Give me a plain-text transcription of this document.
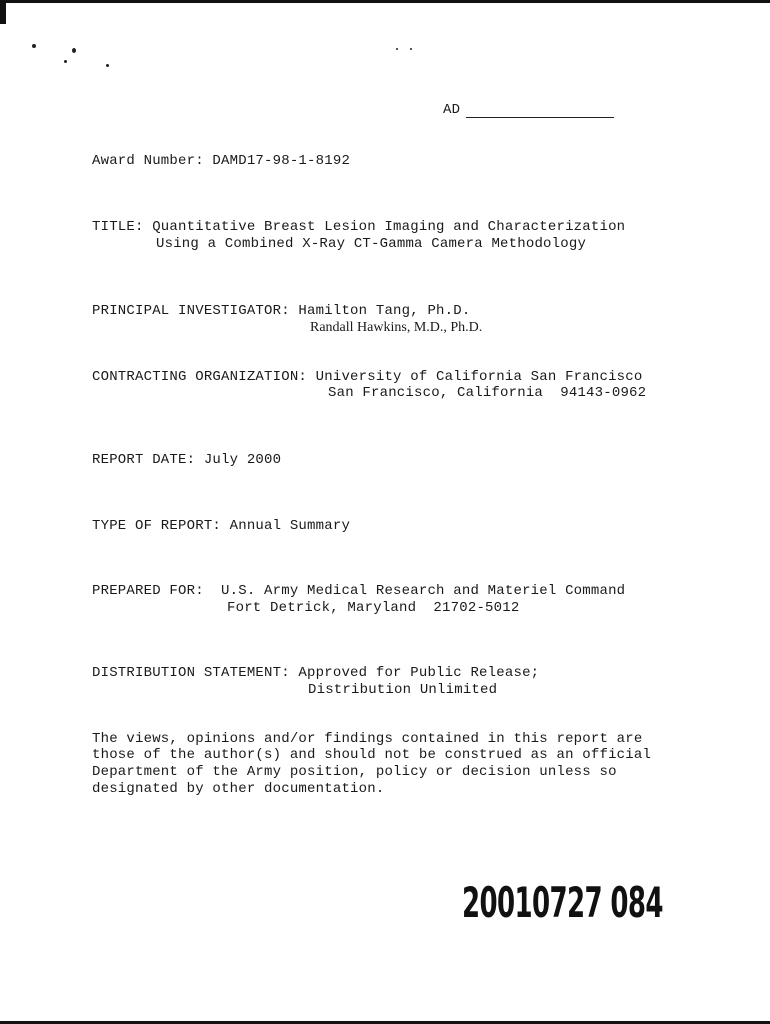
AD
Award Number: DAMD17-98-1-8192
TITLE: Quantitative Breast Lesion Imaging and Characterization
Using a Combined X-Ray CT-Gamma Camera Methodology
PRINCIPAL INVESTIGATOR: Hamilton Tang, Ph.D.
Randall Hawkins, M.D., Ph.D.
CONTRACTING ORGANIZATION: University of California San Francisco
San Francisco, California  94143-0962
REPORT DATE: July 2000
TYPE OF REPORT: Annual Summary
PREPARED FOR:  U.S. Army Medical Research and Materiel Command
Fort Detrick, Maryland  21702-5012
DISTRIBUTION STATEMENT: Approved for Public Release;
Distribution Unlimited
The views, opinions and/or findings contained in this report are
those of the author(s) and should not be construed as an official
Department of the Army position, policy or decision unless so
designated by other documentation.
20010727 084
